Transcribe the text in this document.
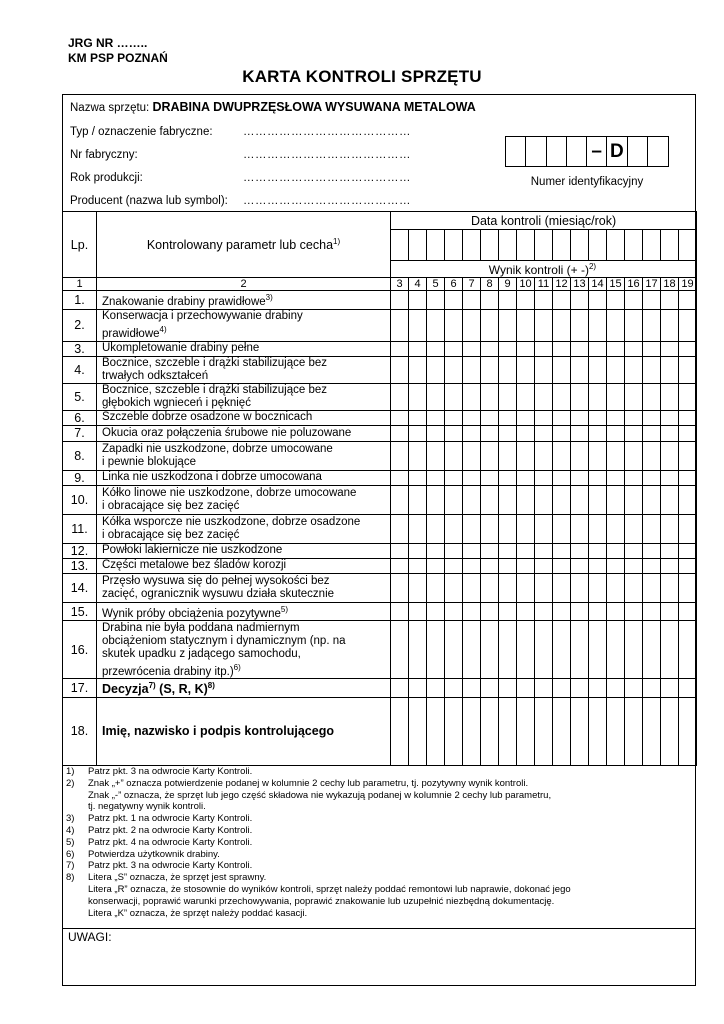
JRG NR ……..
KM PSP POZNAŃ
KARTA KONTROLI SPRZĘTU
Nazwa sprzętu: DRABINA DWUPRZĘSŁOWA WYSUWANA METALOWA
Typ / oznaczenie fabryczne:	……………………………………
Nr fabryczny:	……………………………………
Rok produkcji:	……………………………………
Producent (nazwa lub symbol): ……………………………………
– D
Numer identyfikacyjny
Lp.	Kontrolowany parametr lub cecha$^{1)}$	Data kontroli (miesiąc/rok)																

		Wynik kontroli (+ -)$^{2)}$
1	2	3	4	5	6	7	8	9	10	11	12	13	14	15	16	17	18	19
1.	Znakowanie drabiny prawidłowe$^{3)}$																	
2.	Konserwacja i przechowywanie drabiny
prawidłowe$^{4)}$																	
3.	Ukompletowanie drabiny pełne																	
4.	Bocznice, szczeble i drążki stabilizujące bez
trwałych odkształceń																	
5.	Bocznice, szczeble i drążki stabilizujące bez
głębokich wgnieceń i pęknięć																	
6.	Szczeble dobrze osadzone w bocznicach																	
7.	Okucia oraz połączenia śrubowe nie poluzowane																	
8.	Zapadki nie uszkodzone, dobrze umocowane
i pewnie blokujące																	
9.	Linka nie uszkodzona i dobrze umocowana																	
10.	Kółko linowe nie uszkodzone, dobrze umocowane
i obracające się bez zacięć																	
11.	Kółka wsporcze nie uszkodzone, dobrze osadzone
i obracające się bez zacięć																	
12.	Powłoki lakiernicze nie uszkodzone																	
13.	Części metalowe bez śladów korozji																	
14.	Przęsło wysuwa się do pełnej wysokości bez
zacięć, ogranicznik wysuwu działa skutecznie																	
15.	Wynik próby obciążenia pozytywne$^{5)}$																	
16.	Drabina nie była poddana nadmiernym
obciążeniom statycznym i dynamicznym (np. na
skutek upadku z jadącego samochodu,
przewrócenia drabiny itp.)$^{6)}$																	
17.	Decyzja$^{7)}$ (S, R, K)$^{8)}$																	
18.	Imię, nazwisko i podpis kontrolującego																	
1)	Patrz pkt. 3 na odwrocie Karty Kontroli.
2)	Znak „+” oznacza potwierdzenie podanej w kolumnie 2 cechy lub parametru, tj. pozytywny wynik kontroli.
Znak „-” oznacza, że sprzęt lub jego część składowa nie wykazują podanej w kolumnie 2 cechy lub parametru,
tj. negatywny wynik kontroli.
3)	Patrz pkt. 1 na odwrocie Karty Kontroli.
4)	Patrz pkt. 2 na odwrocie Karty Kontroli.
5)	Patrz pkt. 4 na odwrocie Karty Kontroli.
6)	Potwierdza użytkownik drabiny.
7)	Patrz pkt. 3 na odwrocie Karty Kontroli.
8)	Litera „S” oznacza, że sprzęt jest sprawny.
Litera „R” oznacza, że stosownie do wyników kontroli, sprzęt należy poddać remontowi lub naprawie, dokonać jego
konserwacji, poprawić warunki przechowywania, poprawić znakowanie lub uzupełnić niezbędną dokumentację.
Litera „K” oznacza, że sprzęt należy poddać kasacji.
UWAGI:
